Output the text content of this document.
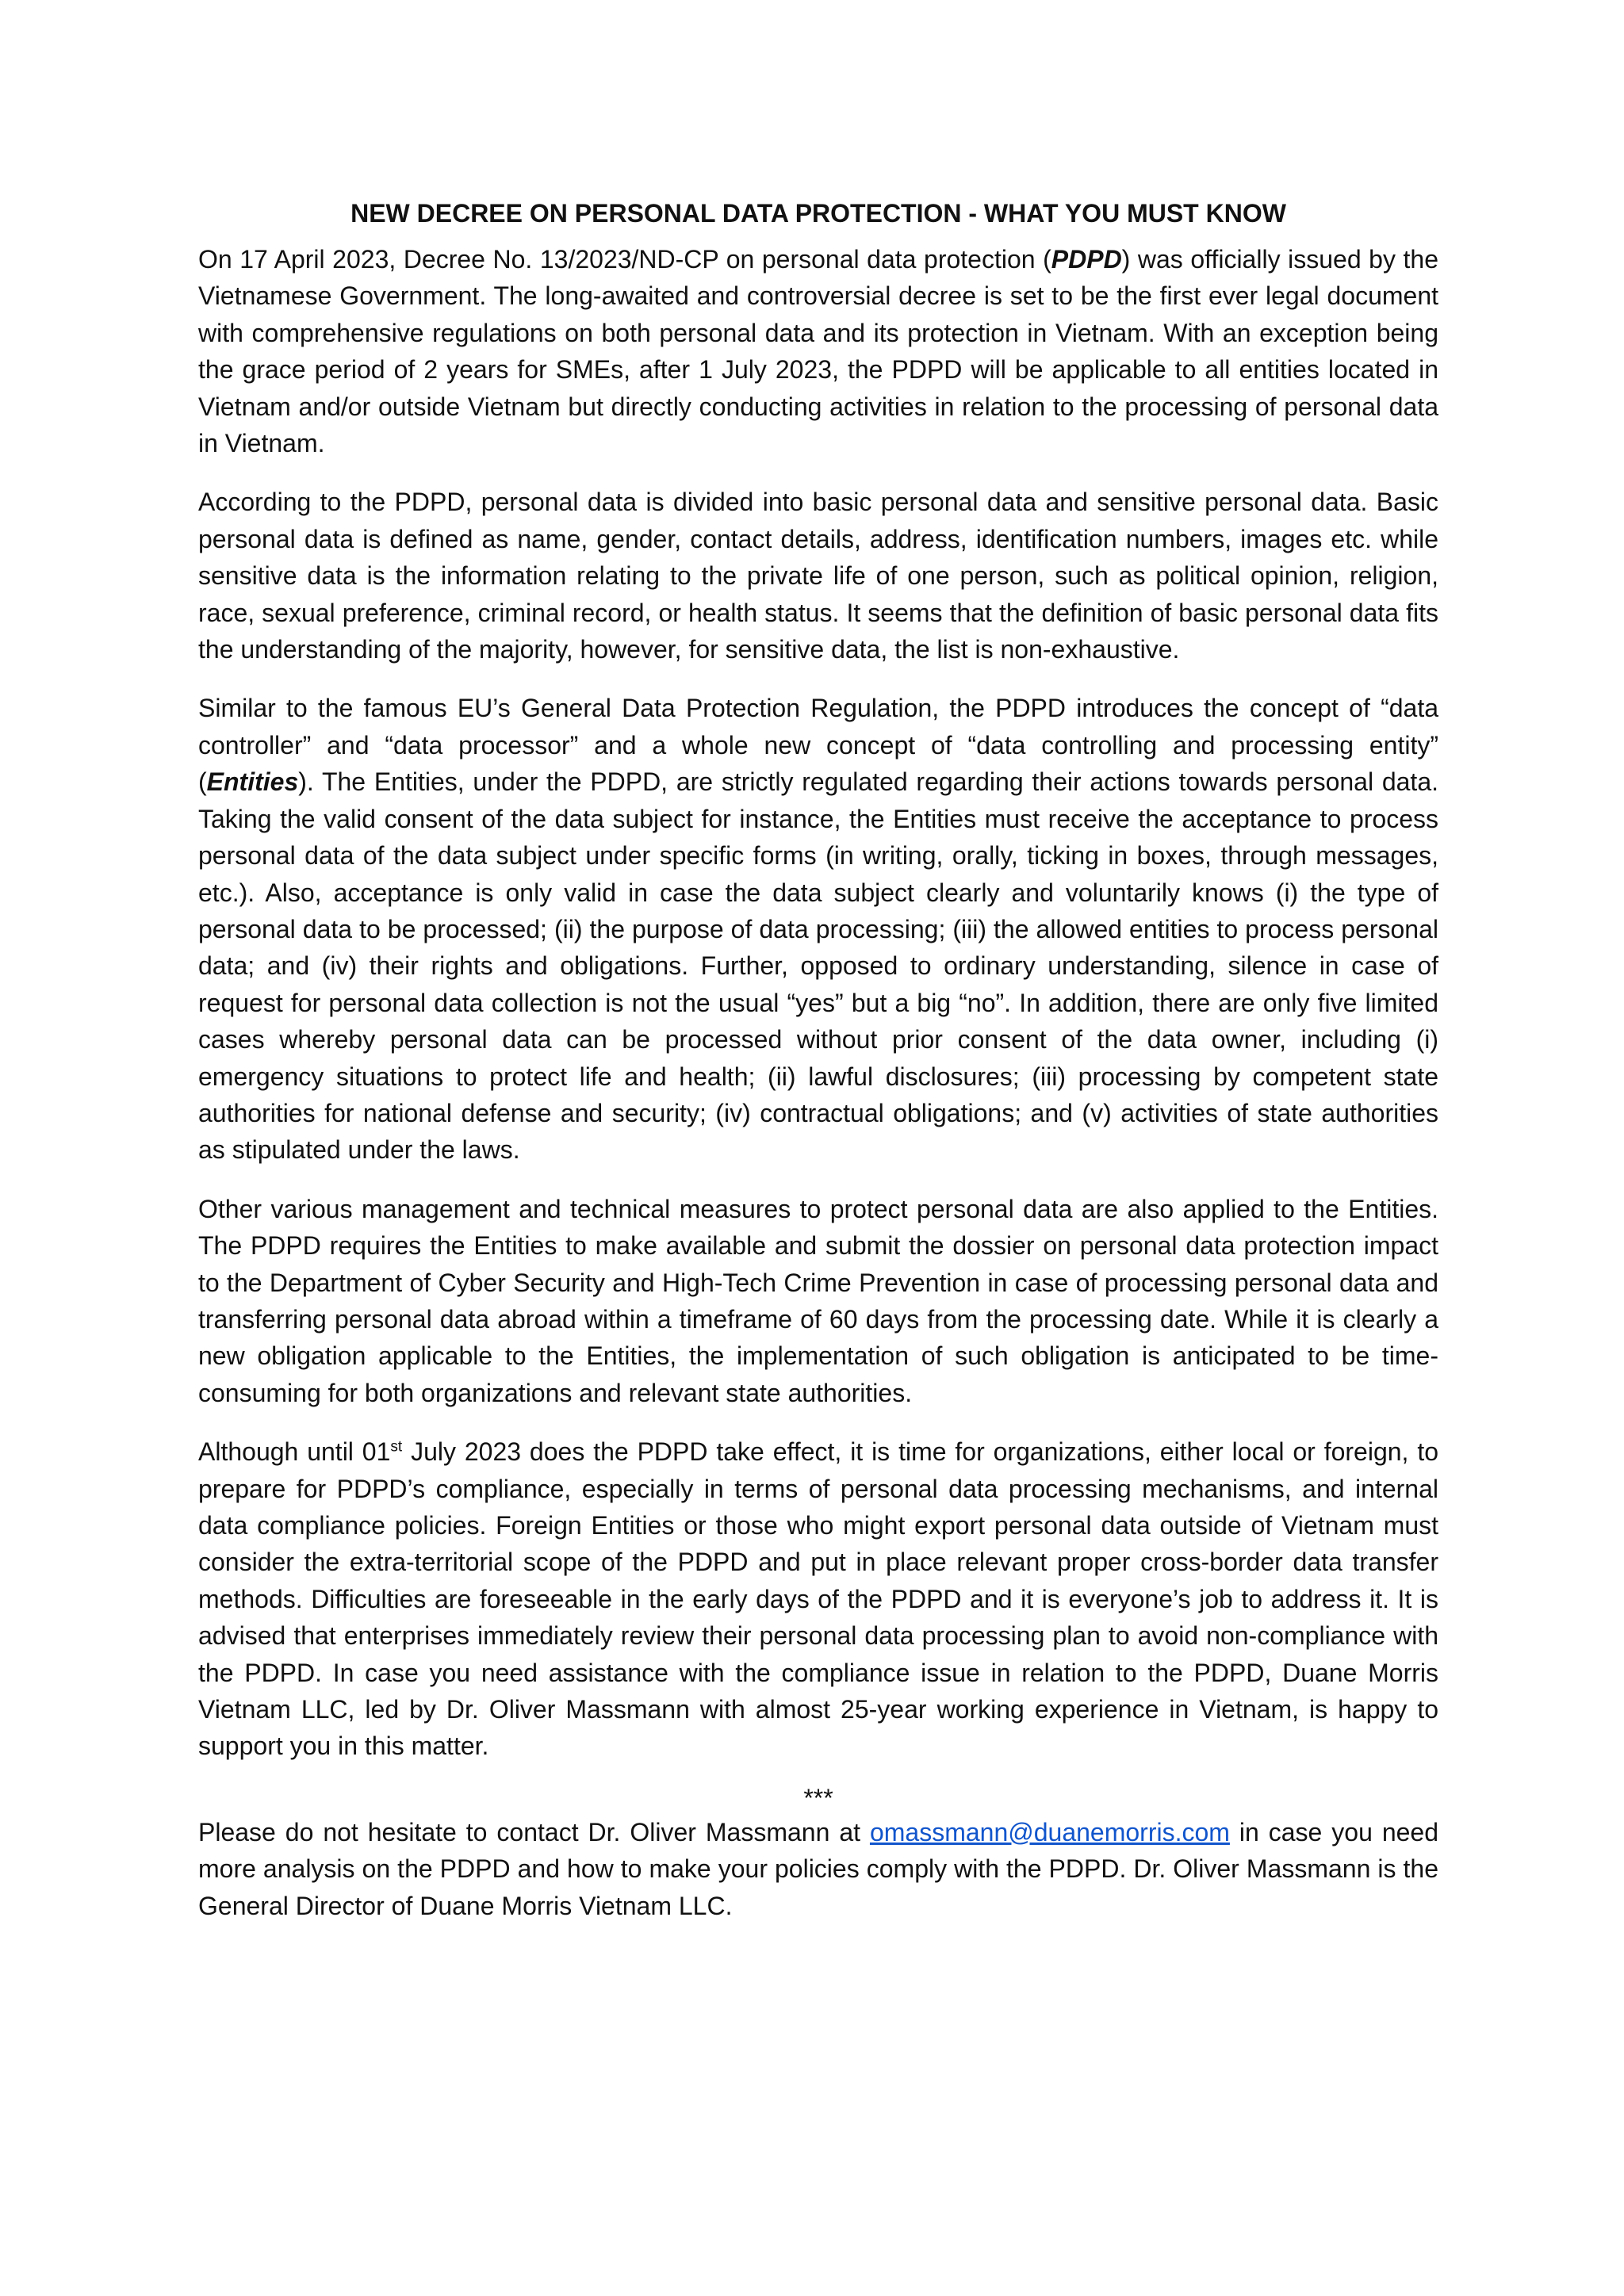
NEW DECREE ON PERSONAL DATA PROTECTION - WHAT YOU MUST KNOW

On 17 April 2023, Decree No. 13/2023/ND-CP on personal data protection (PDPD) was officially issued by the Vietnamese Government. The long-awaited and controversial decree is set to be the first ever legal document with comprehensive regulations on both personal data and its protection in Vietnam. With an exception being the grace period of 2 years for SMEs, after 1 July 2023, the PDPD will be applicable to all entities located in Vietnam and/or outside Vietnam but directly conducting activities in relation to the processing of personal data in Vietnam.

According to the PDPD, personal data is divided into basic personal data and sensitive personal data. Basic personal data is defined as name, gender, contact details, address, identification numbers, images etc. while sensitive data is the information relating to the private life of one person, such as political opinion, religion, race, sexual preference, criminal record, or health status. It seems that the definition of basic personal data fits the understanding of the majority, however, for sensitive data, the list is non-exhaustive.

Similar to the famous EU’s General Data Protection Regulation, the PDPD introduces the concept of “data controller” and “data processor” and a whole new concept of “data controlling and processing entity” (Entities). The Entities, under the PDPD, are strictly regulated regarding their actions towards personal data. Taking the valid consent of the data subject for instance, the Entities must receive the acceptance to process personal data of the data subject under specific forms (in writing, orally, ticking in boxes, through messages, etc.). Also, acceptance is only valid in case the data subject clearly and voluntarily knows (i) the type of personal data to be processed; (ii) the purpose of data processing; (iii) the allowed entities to process personal data; and (iv) their rights and obligations. Further, opposed to ordinary understanding, silence in case of request for personal data collection is not the usual “yes” but a big “no”. In addition, there are only five limited cases whereby personal data can be processed without prior consent of the data owner, including (i) emergency situations to protect life and health; (ii) lawful disclosures; (iii) processing by competent state authorities for national defense and security; (iv) contractual obligations; and (v) activities of state authorities as stipulated under the laws.

Other various management and technical measures to protect personal data are also applied to the Entities. The PDPD requires the Entities to make available and submit the dossier on personal data protection impact to the Department of Cyber Security and High-Tech Crime Prevention in case of processing personal data and transferring personal data abroad within a timeframe of 60 days from the processing date. While it is clearly a new obligation applicable to the Entities, the implementation of such obligation is anticipated to be time-consuming for both organizations and relevant state authorities.

Although until 01st July 2023 does the PDPD take effect, it is time for organizations, either local or foreign, to prepare for PDPD’s compliance, especially in terms of personal data processing mechanisms, and internal data compliance policies. Foreign Entities or those who might export personal data outside of Vietnam must consider the extra-territorial scope of the PDPD and put in place relevant proper cross-border data transfer methods. Difficulties are foreseeable in the early days of the PDPD and it is everyone’s job to address it. It is advised that enterprises immediately review their personal data processing plan to avoid non-compliance with the PDPD. In case you need assistance with the compliance issue in relation to the PDPD, Duane Morris Vietnam LLC, led by Dr. Oliver Massmann with almost 25-year working experience in Vietnam, is happy to support you in this matter.

***

Please do not hesitate to contact Dr. Oliver Massmann at omassmann@duanemorris.com in case you need more analysis on the PDPD and how to make your policies comply with the PDPD. Dr. Oliver Massmann is the General Director of Duane Morris Vietnam LLC.
